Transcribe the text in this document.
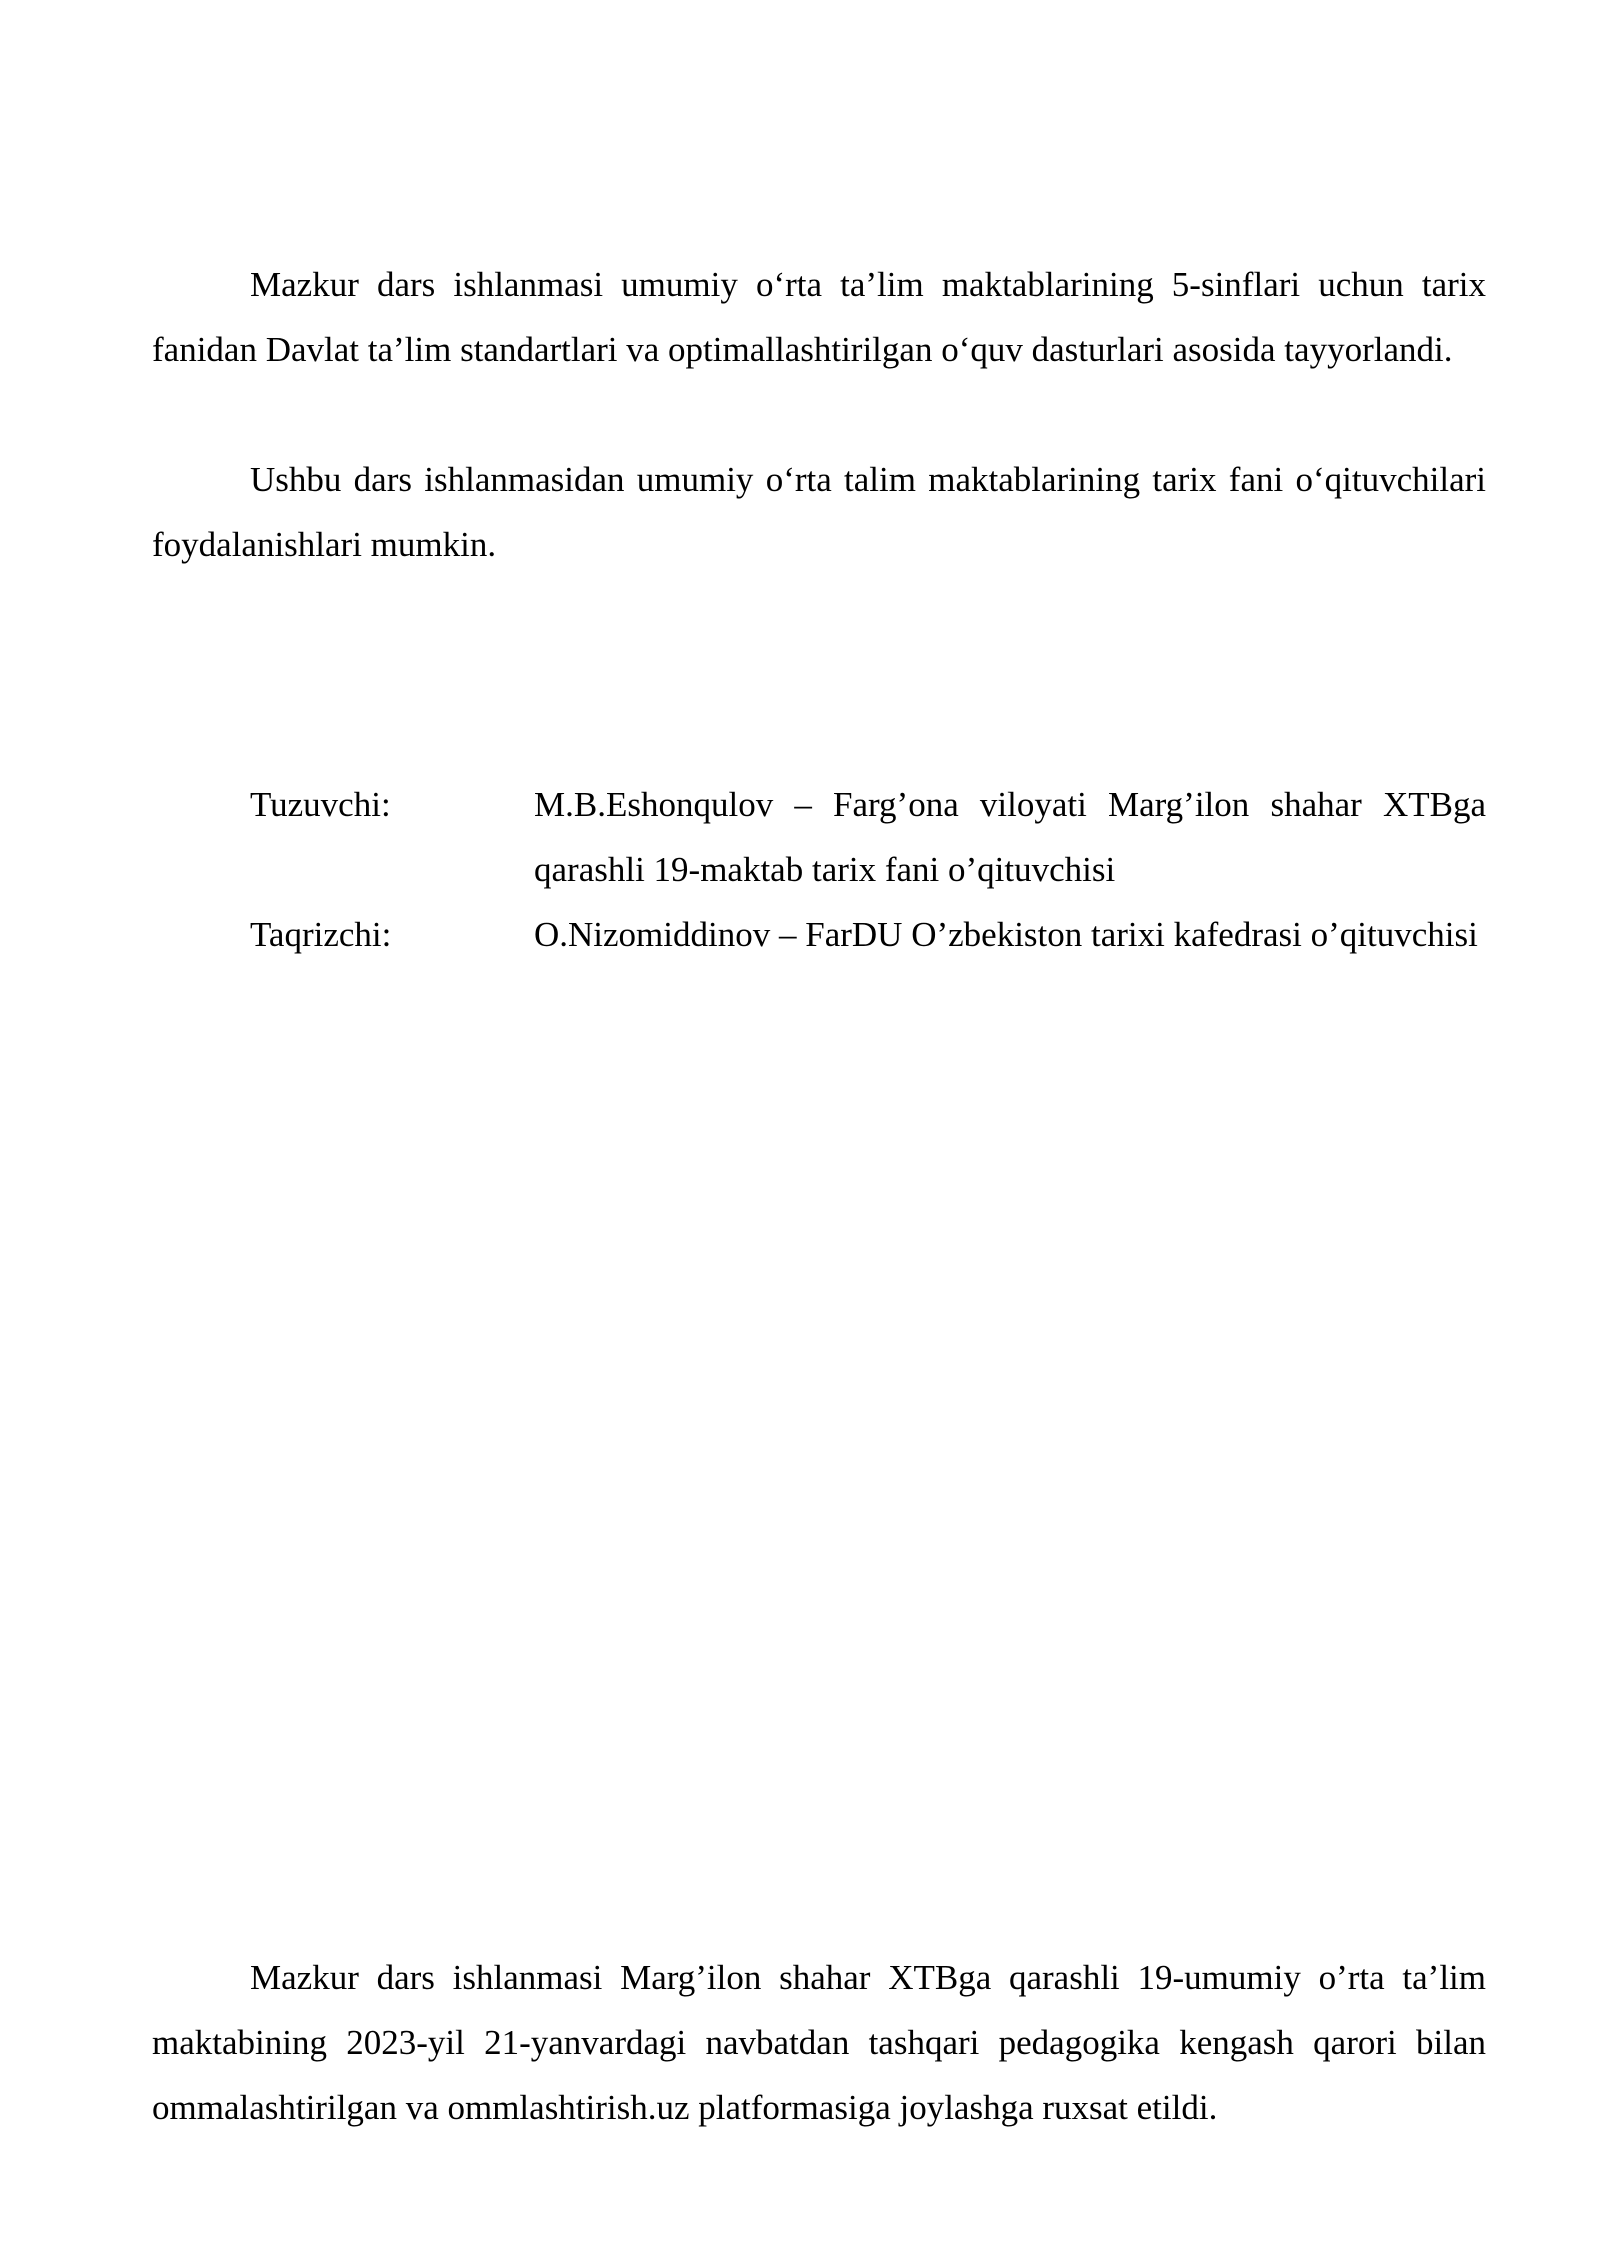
Mazkur dars ishlanmasi umumiy o‘rta ta’lim maktablarining 5-sinflari uchun tarix fanidan Davlat ta’lim standartlari va optimallashtirilgan o‘quv dasturlari asosida tayyorlandi.

Ushbu dars ishlanmasidan umumiy o‘rta talim maktablarining tarix fani o‘qituvchilari foydalanishlari mumkin.

Tuzuvchi:	M.B.Eshonqulov – Farg’ona viloyati Marg’ilon shahar XTBga qarashli 19-maktab tarix fani o’qituvchisi
Taqrizchi:	O.Nizomiddinov – FarDU O’zbekiston tarixi kafedrasi o’qituvchisi

Mazkur dars ishlanmasi Marg’ilon shahar XTBga qarashli 19-umumiy o’rta ta’lim maktabining 2023-yil 21-yanvardagi navbatdan tashqari pedagogika kengash qarori bilan ommalashtirilgan va ommlashtirish.uz platformasiga joylashga ruxsat etildi.
